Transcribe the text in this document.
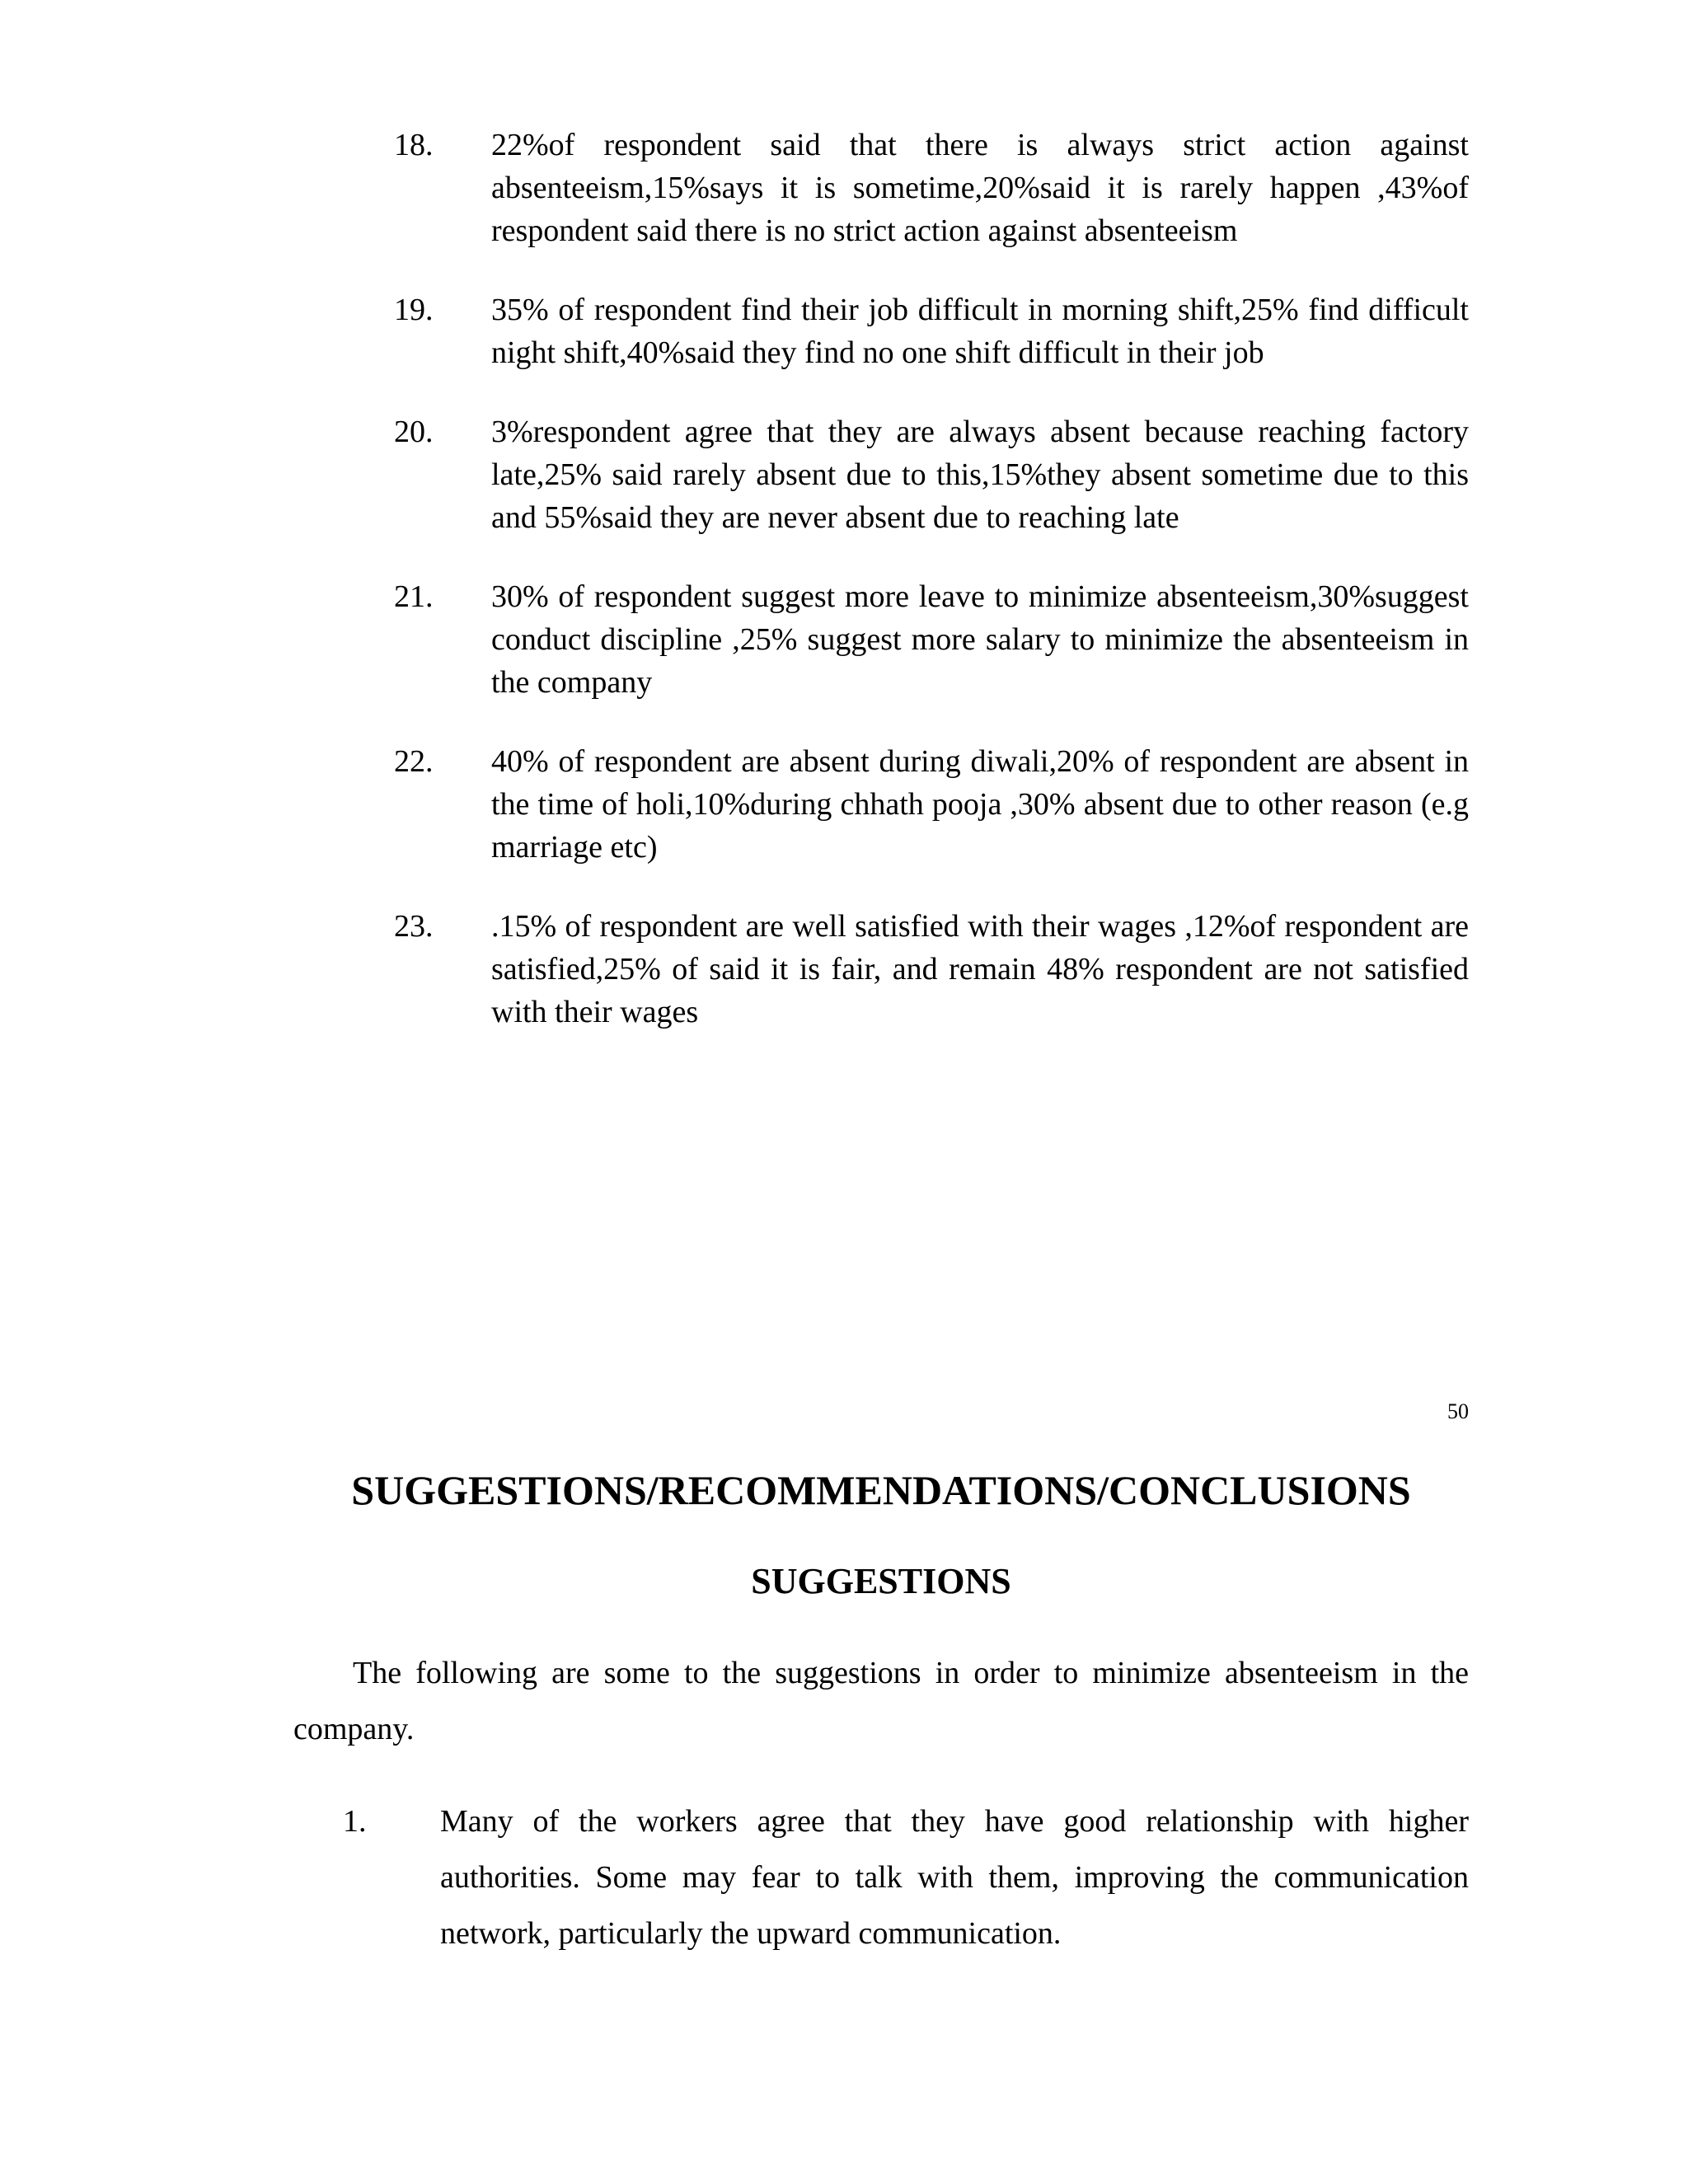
18. 22%of respondent said that there is always strict action against absenteeism,15%says it is sometime,20%said it is rarely happen ,43%of respondent said there is no strict action against absenteeism
19. 35% of respondent find their job difficult in morning shift,25% find difficult night shift,40%said they find no one shift difficult in their job
20. 3%respondent agree that they are always absent because reaching factory late,25% said rarely absent due to this,15%they absent sometime due to this and 55%said they are never absent due to reaching late
21. 30% of respondent suggest more leave to minimize absenteeism,30%suggest conduct discipline ,25% suggest more salary to minimize the absenteeism in the company
22. 40% of respondent are absent during diwali,20% of respondent are absent in the time of holi,10%during chhath pooja ,30% absent due to other reason (e.g marriage etc)
23. .15% of respondent are well satisfied with their wages ,12%of respondent are satisfied,25% of said it is fair, and remain 48% respondent are not satisfied with their wages
50
SUGGESTIONS/RECOMMENDATIONS/CONCLUSIONS
SUGGESTIONS
The following are some to the suggestions in order to minimize absenteeism in the company.
1. Many of the workers agree that they have good relationship with higher authorities. Some may fear to talk with them, improving the communication network, particularly the upward communication.
